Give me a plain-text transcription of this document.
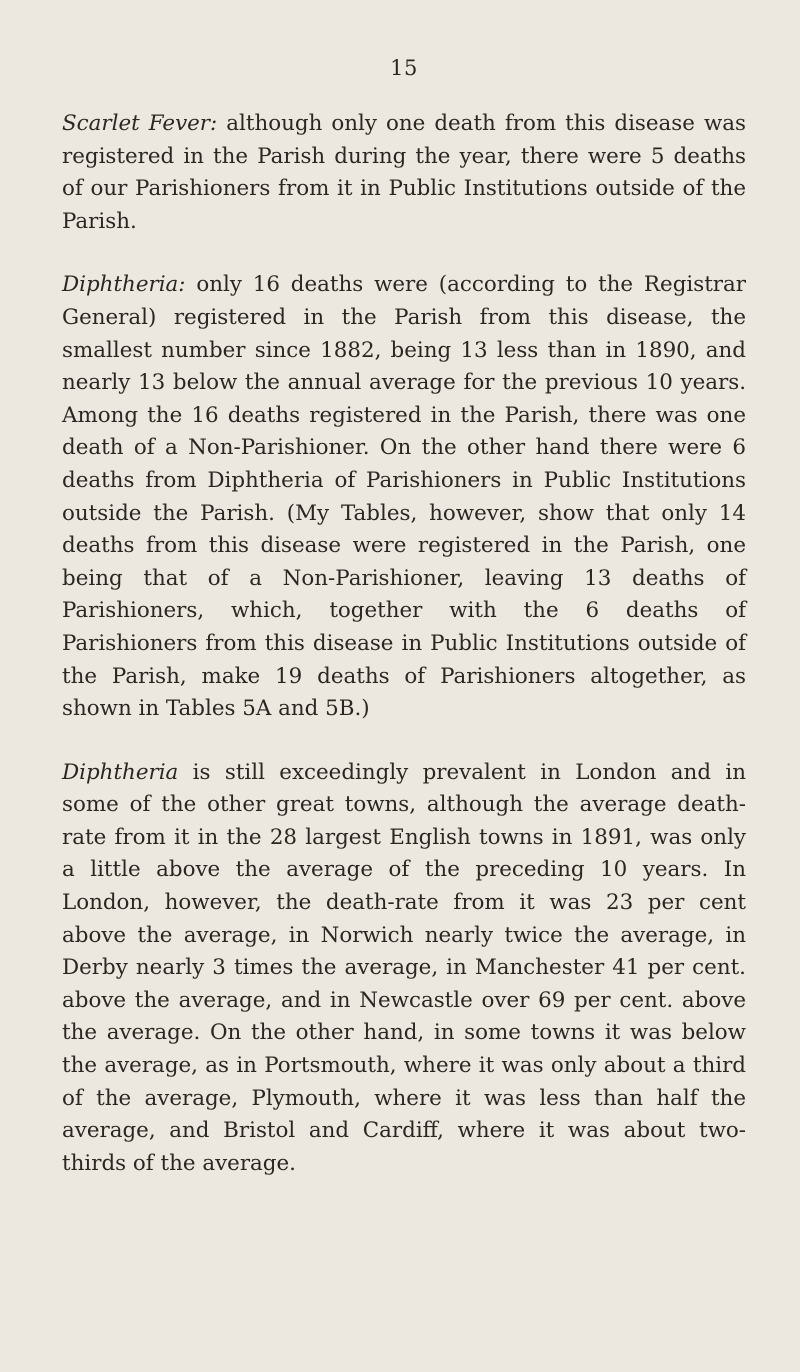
15

Scarlet Fever: although only one death from this disease was registered in the Parish during the year, there were 5 deaths of our Parishioners from it in Public Institutions outside of the Parish.

Diphtheria: only 16 deaths were (according to the Registrar General) registered in the Parish from this disease, the smallest number since 1882, being 13 less than in 1890, and nearly 13 below the annual average for the previous 10 years. Among the 16 deaths registered in the Parish, there was one death of a Non-Parishioner. On the other hand there were 6 deaths from Diphtheria of Parishioners in Public Institutions outside the Parish. (My Tables, however, show that only 14 deaths from this disease were registered in the Parish, one being that of a Non-Parishioner, leaving 13 deaths of Parishioners, which, together with the 6 deaths of Parishioners from this disease in Public Institutions outside of the Parish, make 19 deaths of Parishioners altogether, as shown in Tables 5A and 5B.)

Diphtheria is still exceedingly prevalent in London and in some of the other great towns, although the average death-rate from it in the 28 largest English towns in 1891, was only a little above the average of the preceding 10 years. In London, however, the death-rate from it was 23 per cent above the average, in Norwich nearly twice the average, in Derby nearly 3 times the average, in Manchester 41 per cent. above the average, and in Newcastle over 69 per cent. above the average. On the other hand, in some towns it was below the average, as in Portsmouth, where it was only about a third of the average, Plymouth, where it was less than half the average, and Bristol and Cardiff, where it was about two-thirds of the average.
